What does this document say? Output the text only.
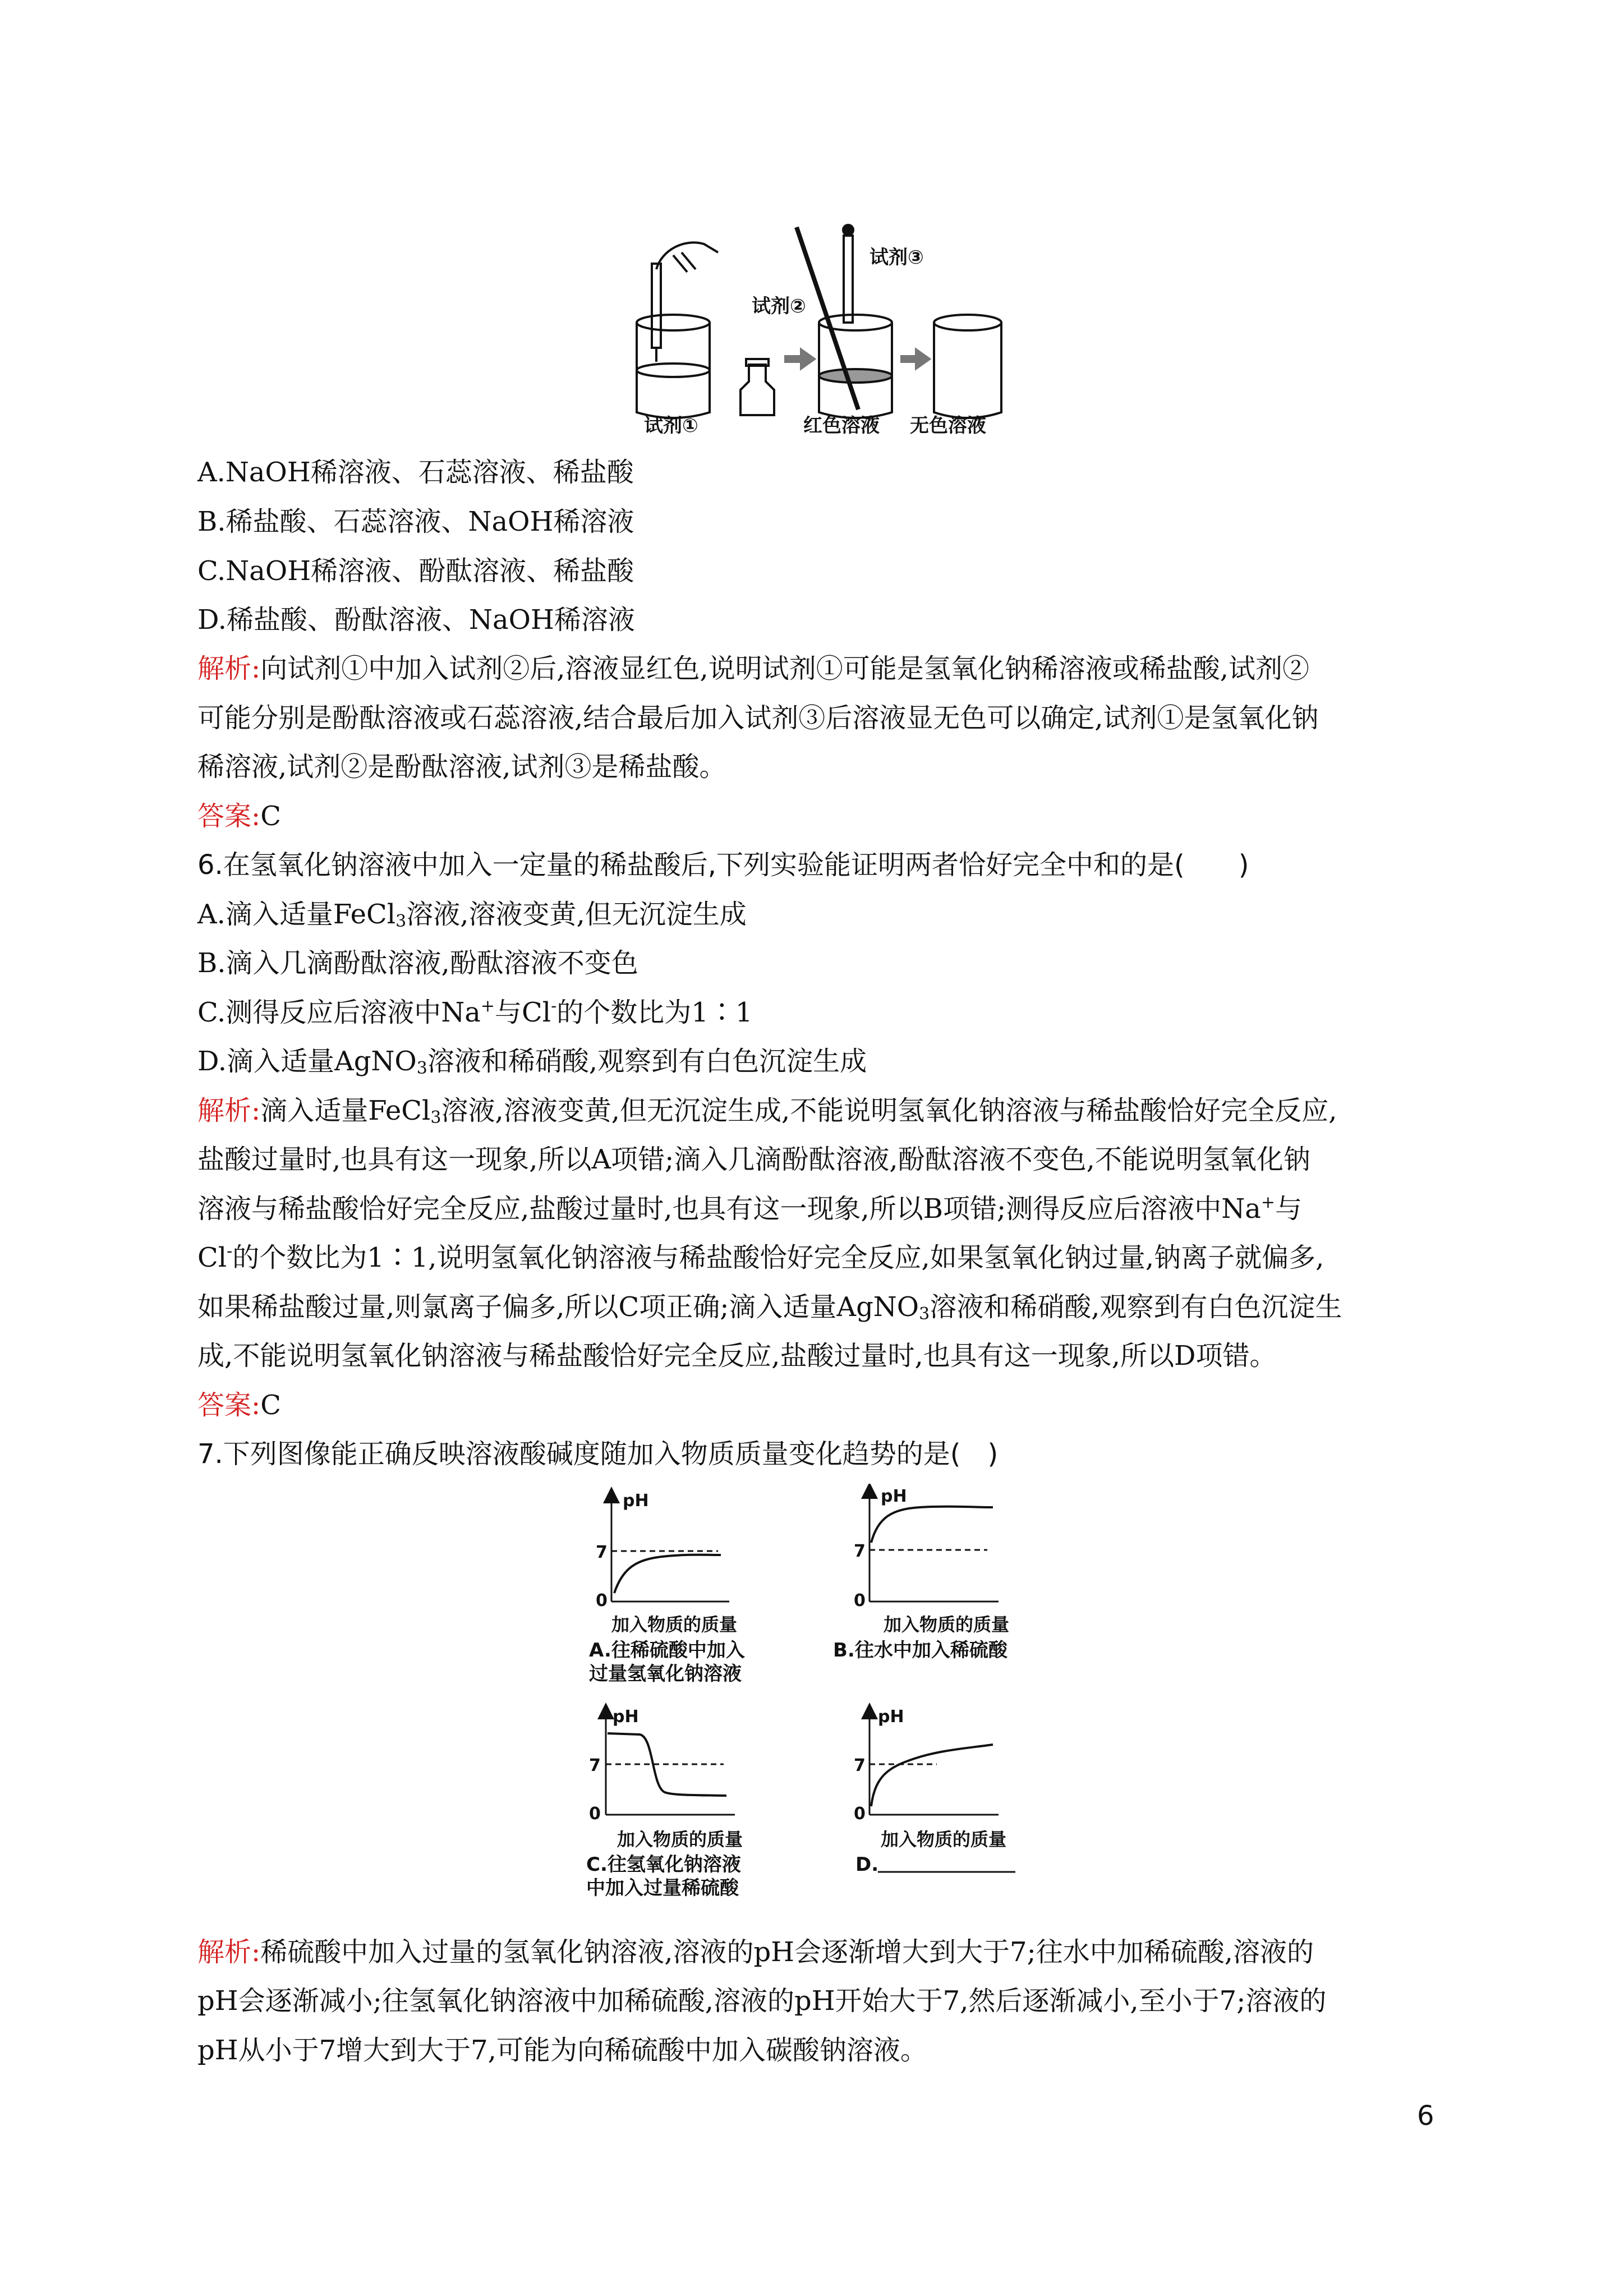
试剂②
试剂③
试剂①	红色溶液 无色溶液
A.NaOH稀溶液、石蕊溶液、稀盐酸
B.稀盐酸、石蕊溶液、NaOH稀溶液
C.NaOH稀溶液、酚酞溶液、稀盐酸
D.稀盐酸、酚酞溶液、NaOH稀溶液
解析:向试剂①中加入试剂②后,溶液显红色,说明试剂①可能是氢氧化钠稀溶液或稀盐酸,试剂②
可能分别是酚酞溶液或石蕊溶液,结合最后加入试剂③后溶液显无色可以确定,试剂①是氢氧化钠
稀溶液,试剂②是酚酞溶液,试剂③是稀盐酸。
答案:C
6.在氢氧化钠溶液中加入一定量的稀盐酸后,下列实验能证明两者恰好完全中和的是(　　)
A.滴入适量FeCl$_3$溶液,溶液变黄,但无沉淀生成
B.滴入几滴酚酞溶液,酚酞溶液不变色
C.测得反应后溶液中Na+与Cl-的个数比为1∶1
D.滴入适量AgNO$_3$溶液和稀硝酸,观察到有白色沉淀生成
解析:滴入适量FeCl$_3$溶液,溶液变黄,但无沉淀生成,不能说明氢氧化钠溶液与稀盐酸恰好完全反应,
盐酸过量时,也具有这一现象,所以A项错;滴入几滴酚酞溶液,酚酞溶液不变色,不能说明氢氧化钠
溶液与稀盐酸恰好完全反应,盐酸过量时,也具有这一现象,所以B项错;测得反应后溶液中Na+与
Cl-的个数比为1∶1,说明氢氧化钠溶液与稀盐酸恰好完全反应,如果氢氧化钠过量,钠离子就偏多,
如果稀盐酸过量,则氯离子偏多,所以C项正确;滴入适量AgNO$_3$溶液和稀硝酸,观察到有白色沉淀生
成,不能说明氢氧化钠溶液与稀盐酸恰好完全反应,盐酸过量时,也具有这一现象,所以D项错。
答案:C
7.下列图像能正确反映溶液酸碱度随加入物质质量变化趋势的是(　)
pH
7
0
加入物质的质量
A.往稀硫酸中加入
过量氢氧化钠溶液
pH
7
0
加入物质的质量
B.往水中加入稀硫酸
pH
7
0
加入物质的质量
C.往氢氧化钠溶液
中加入过量稀硫酸
pH
7
0
加入物质的质量
D.
解析:稀硫酸中加入过量的氢氧化钠溶液,溶液的pH会逐渐增大到大于7;往水中加稀硫酸,溶液的
pH会逐渐减小;往氢氧化钠溶液中加稀硫酸,溶液的pH开始大于7,然后逐渐减小,至小于7;溶液的
pH从小于7增大到大于7,可能为向稀硫酸中加入碳酸钠溶液。
6
